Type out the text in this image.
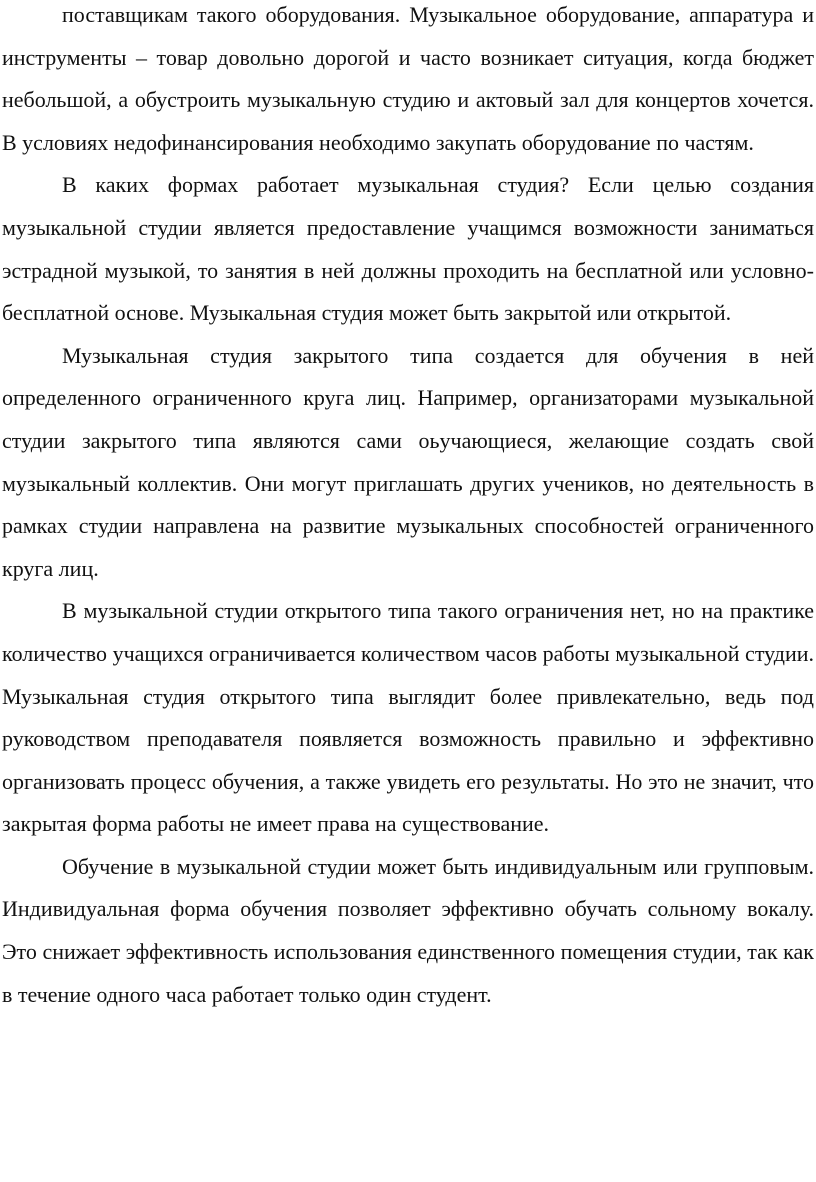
поставщикам такого оборудования. Музыкальное оборудование, аппаратура и инструменты – товар довольно дорогой и часто возникает ситуация, когда бюджет небольшой, а обустроить музыкальную студию и актовый зал для концертов хочется. В условиях недофинансирования необходимо закупать оборудование по частям.

В каких формах работает музыкальная студия? Если целью создания музыкальной студии является предоставление учащимся возможности заниматься эстрадной музыкой, то занятия в ней должны проходить на бесплатной или условно-бесплатной основе. Музыкальная студия может быть закрытой или открытой.

Музыкальная студия закрытого типа создается для обучения в ней определенного ограниченного круга лиц. Например, организаторами музыкальной студии закрытого типа являются сами оьучающиеся, желающие создать свой музыкальный коллектив. Они могут приглашать других учеников, но деятельность в рамках студии направлена на развитие музыкальных способностей ограниченного круга лиц.

В музыкальной студии открытого типа такого ограничения нет, но на практике количество учащихся ограничивается количеством часов работы музыкальной студии. Музыкальная студия открытого типа выглядит более привлекательно, ведь под руководством преподавателя появляется возможность правильно и эффективно организовать процесс обучения, а также увидеть его результаты. Но это не значит, что закрытая форма работы не имеет права на существование.

Обучение в музыкальной студии может быть индивидуальным или групповым. Индивидуальная форма обучения позволяет эффективно обучать сольному вокалу. Это снижает эффективность использования единственного помещения студии, так как в течение одного часа работает только один студент.
